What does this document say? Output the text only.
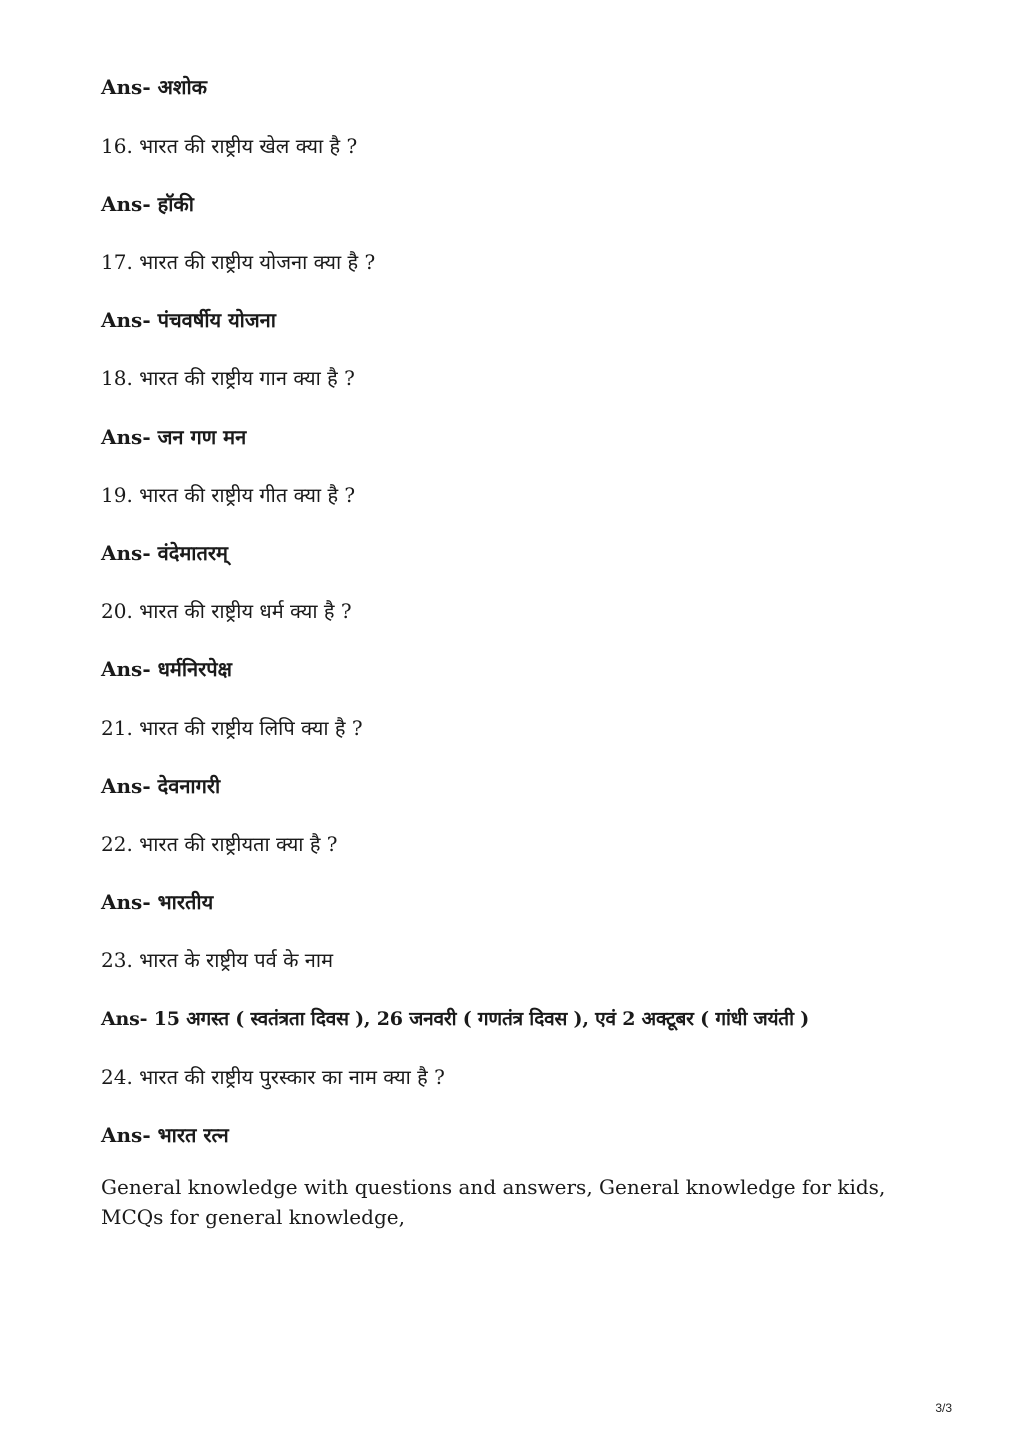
Ans- अशोक
16. भारत की राष्ट्रीय खेल क्या है ?
Ans- हॉकी
17. भारत की राष्ट्रीय योजना क्या है ?
Ans- पंचवर्षीय योजना
18. भारत की राष्ट्रीय गान क्या है ?
Ans- जन गण मन
19. भारत की राष्ट्रीय गीत क्या है ?
Ans- वंदेमातरम्
20. भारत की राष्ट्रीय धर्म क्या है ?
Ans- धर्मनिरपेक्ष
21. भारत की राष्ट्रीय लिपि क्या है ?
Ans- देवनागरी
22. भारत की राष्ट्रीयता क्या है ?
Ans- भारतीय
23. भारत के राष्ट्रीय पर्व के नाम
Ans- 15 अगस्त ( स्वतंत्रता दिवस ), 26 जनवरी ( गणतंत्र दिवस ), एवं 2 अक्टूबर ( गांधी जयंती )
24. भारत की राष्ट्रीय पुरस्कार का नाम क्या है ?
Ans- भारत रत्न
General knowledge with questions and answers, General knowledge for kids, MCQs for general knowledge,
3/3
